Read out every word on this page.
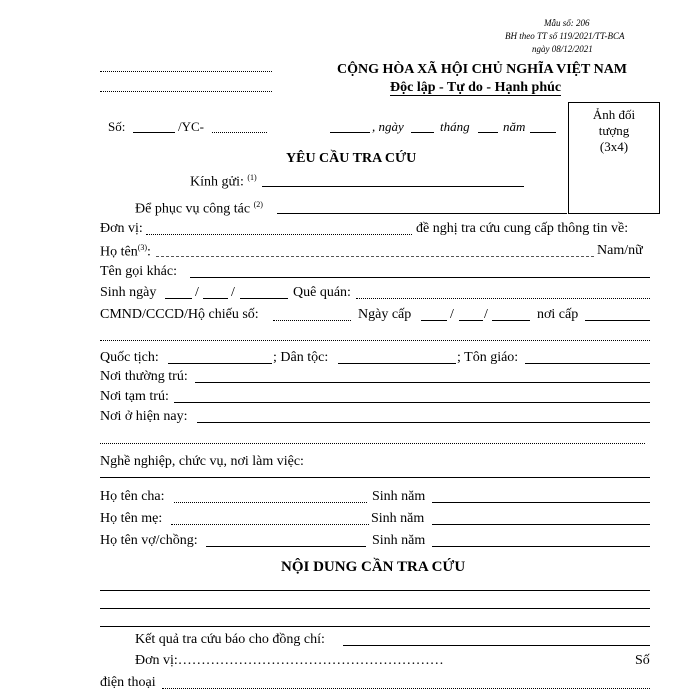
Mẫu số: 206
BH theo TT số 119/2021/TT-BCA
ngày 08/12/2021
CỘNG HÒA XÃ HỘI CHỦ NGHĨA VIỆT NAM
Độc lập - Tự do - Hạnh phúc
Số:	/YC-	, ngày	tháng	năm
Ảnh đối
tượng
(3x4)
YÊU CẦU TRA CỨU
Kính gửi: $^{(1)}$
Để phục vụ công tác $^{(2)}$
Đơn vị:	đề nghị tra cứu cung cấp thông tin về:
Họ tên$^{(3)}$:	Nam/nữ
Tên gọi khác:
Sinh ngày	/ /	Quê quán:
CMND/CCCD/Hộ chiếu số:	Ngày cấp	/ /	nơi cấp
Quốc tịch:	; Dân tộc:	; Tôn giáo:
Nơi thường trú:
Nơi tạm trú:
Nơi ở hiện nay:
Nghề nghiệp, chức vụ, nơi làm việc:
Họ tên cha:	Sinh năm
Họ tên mẹ:	Sinh năm
Họ tên vợ/chồng:	Sinh năm
NỘI DUNG CẦN TRA CỨU
Kết quả tra cứu báo cho đồng chí:
Đơn vị:…………………………………………………	Số
điện thoại
